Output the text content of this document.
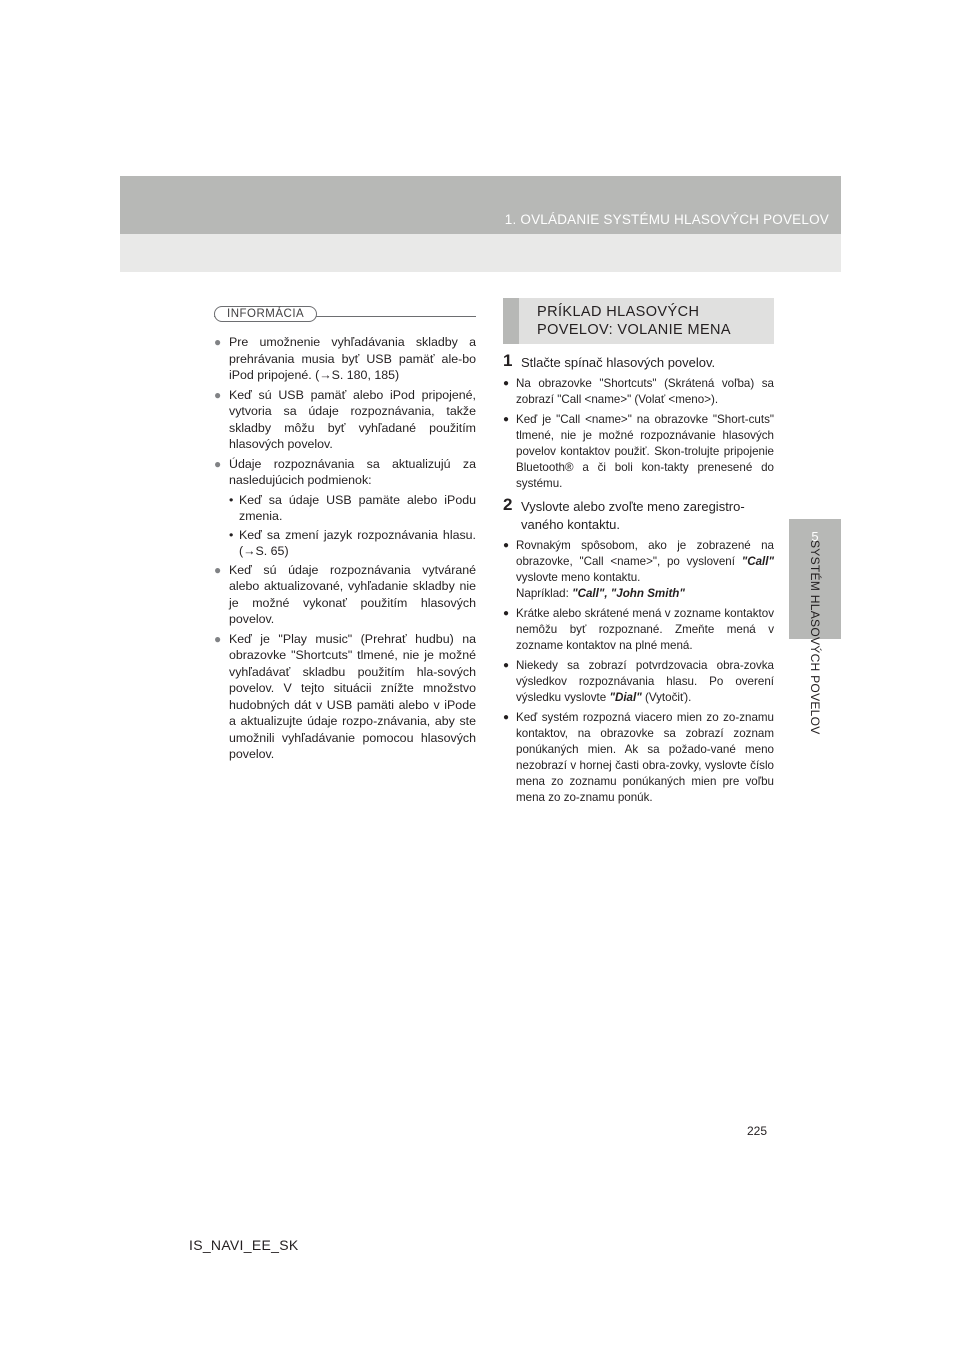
1. OVLÁDANIE SYSTÉMU HLASOVÝCH POVELOV
5
SYSTÉM HLASOVÝCH POVELOV
INFORMÁCIA
● Pre umožnenie vyhľadávania skladby a prehrávania musia byť USB pamäť ale-bo iPod pripojené. (→S. 180, 185)
● Keď sú USB pamäť alebo iPod pripojené, vytvoria sa údaje rozpoznávania, takže skladby môžu byť vyhľadané použitím hlasových povelov.
● Údaje rozpoznávania sa aktualizujú za nasledujúcich podmienok:
• Keď sa údaje USB pamäte alebo iPodu zmenia.
• Keď sa zmení jazyk rozpoznávania hlasu. (→S. 65)
● Keď sú údaje rozpoznávania vytvárané alebo aktualizované, vyhľadanie skladby nie je možné vykonať použitím hlasových povelov.
● Keď je "Play music" (Prehrať hudbu) na obrazovke "Shortcuts" tlmené, nie je možné vyhľadávať skladbu použitím hla-sových povelov. V tejto situácii znížte množstvo hudobných dát v USB pamäti alebo v iPode a aktualizujte údaje rozpo-znávania, aby ste umožnili vyhľadávanie pomocou hlasových povelov.
PRÍKLAD HLASOVÝCH
POVELOV: VOLANIE MENA
1 Stlačte spínač hlasových povelov.
● Na obrazovke "Shortcuts" (Skrátená voľba) sa zobrazí "Call <name>" (Volať <meno>).
● Keď je "Call <name>" na obrazovke "Short-cuts" tlmené, nie je možné rozpoznávanie hlasových povelov kontaktov použiť. Skon-trolujte pripojenie Bluetooth® a či boli kon-takty prenesené do systému.
2 Vyslovte alebo zvoľte meno zaregistro-vaného kontaktu.
● Rovnakým spôsobom, ako je zobrazené na obrazovke, "Call <name>", po vyslovení "Call" vyslovte meno kontaktu.
Napríklad: "Call", "John Smith"
● Krátke alebo skrátené mená v zozname kontaktov nemôžu byť rozpoznané. Zmeňte mená v zozname kontaktov na plné mená.
● Niekedy sa zobrazí potvrdzovacia obra-zovka výsledkov rozpoznávania hlasu. Po overení výsledku vyslovte "Dial" (Vytočiť).
● Keď systém rozpozná viacero mien zo zo-znamu kontaktov, na obrazovke sa zobrazí zoznam ponúkaných mien. Ak sa požado-vané meno nezobrazí v hornej časti obra-zovky, vyslovte číslo mena zo zoznamu ponúkaných mien pre voľbu mena zo zo-znamu ponúk.
225
IS_NAVI_EE_SK
